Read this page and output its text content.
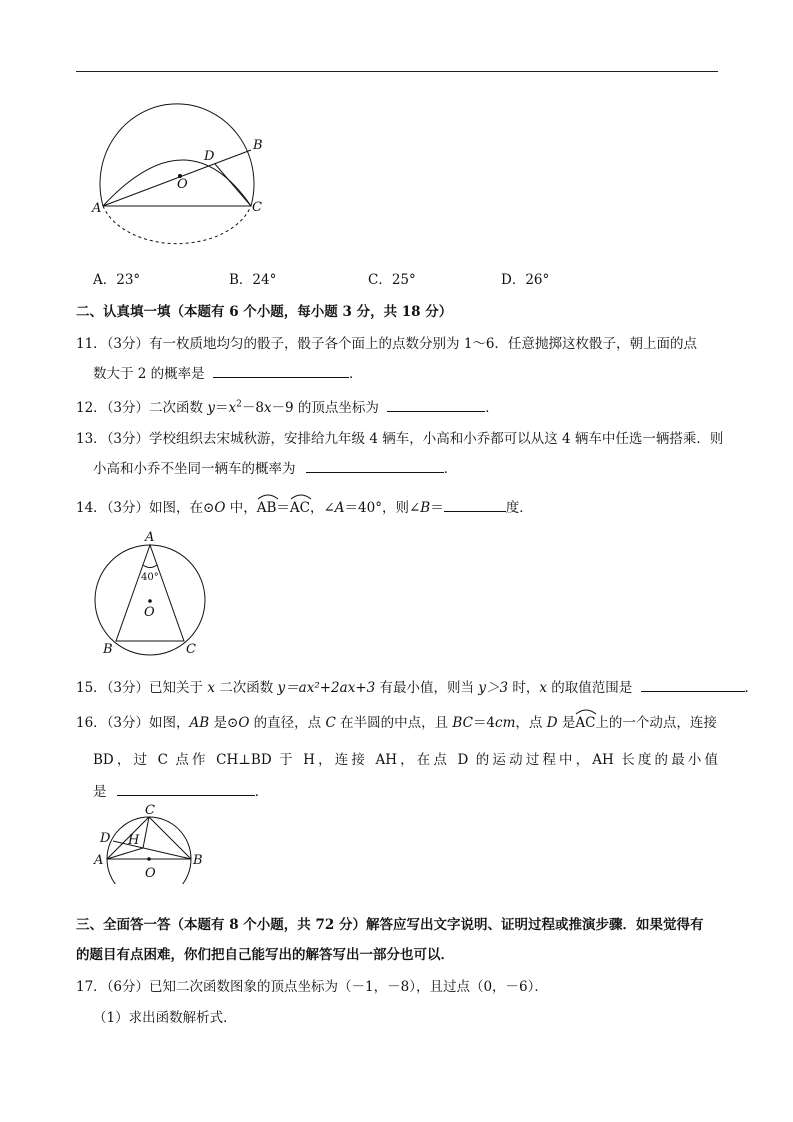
A
B
C
D
O
A．23°	B．24°	C．25°	D．26°
二、认真填一填（本题有 6 个小题，每小题 3 分，共 18 分）
11．（3分）有一枚质地均匀的骰子，骰子各个面上的点数分别为 1～6．任意抛掷这枚骰子，朝上面的点
数大于 2 的概率是	．
12．（3分）二次函数 $y=x^2-8x-9$ 的顶点坐标为	．
13．（3分）学校组织去宋城秋游，安排给九年级 4 辆车，小高和小乔都可以从这 4 辆车中任选一辆搭乘．则
小高和小乔不坐同一辆车的概率为	．
14．（3分）如图，在⊙O 中，
AB＝
AC，∠A＝40°，则∠B＝	度．
A
B	C
O
40°
15．（3分）已知关于 x 二次函数 y＝ax²+2ax+3 有最小值，则当 y＞3 时，x 的取值范围是	．
16．（3分）如图，AB 是⊙O 的直径，点 C 在半圆的中点，且 BC＝4cm，点 D 是
AC上的一个动点，连接
BD，过 C 点作 CH⊥BD 于 H，连接 AH，在点 D 的运动过程中，AH 长度的最小值
是	．
A	B
C
D H
O
三、全面答一答（本题有 8 个小题，共 72 分）解答应写出文字说明、证明过程或推演步骤．如果觉得有
的题目有点困难，你们把自己能写出的解答写出一部分也可以．
17．（6分）已知二次函数图象的顶点坐标为（－1，－8），且过点（0，－6）．
（1）求出函数解析式．
